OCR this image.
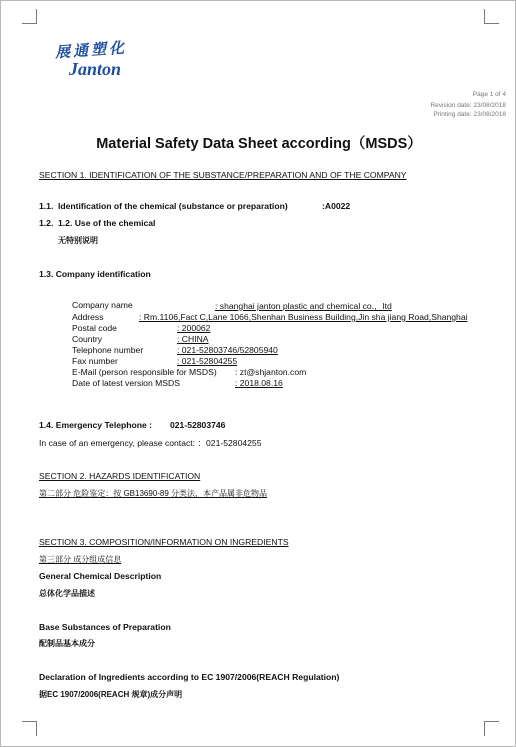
展通塑化
Janton
Page 1 of 4
Revision date: 23/08/2018
Printing date: 23/08/2018
Material Safety Data Sheet according（MSDS）
SECTION 1. IDENTIFICATION OF THE SUBSTANCE/PREPARATION AND OF THE COMPANY
1.1. Identification of the chemical (substance or preparation)	:A0022
1.2. 1.2. Use of the chemical
无特别说明
1.3. Company identification
Company name	: shanghai janton plastic and chemical co.，ltd
Address	: Rm.1106,Fact C,Lane 1066,Shenhan Business Building,Jin sha jiang Road,Shanghai
Postal code	: 200062
Country	: CHINA
Telephone number	: 021-52803746/52805940
Fax number	: 021-52804255
E-Mail (person responsible for MSDS) : zt@shjanton.com
Date of latest version MSDS	: 2018.08.16
1.4. Emergency Telephone : 021-52803746
In case of an emergency, please contact: ：021-52804255
SECTION 2. HAZARDS IDENTIFICATION
第二部分 危险鉴定：按 GB13690-89 分类法，本产品属非危物品
SECTION 3. COMPOSITION/INFORMATION ON INGREDIENTS
第三部分 成分组成信息
General Chemical Description
总体化学品描述
Base Substances of Preparation
配制品基本成分
Declaration of Ingredients according to EC 1907/2006(REACH Regulation)
据EC 1907/2006(REACH 规章)成分声明
